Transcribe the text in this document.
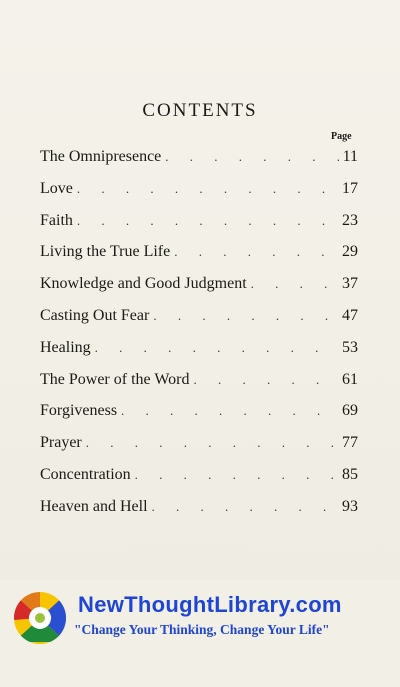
CONTENTS
Page
The Omnipresence . . .	11
Love . . .	17
Faith . . .	23
Living the True Life . . .	29
Knowledge and Good Judgment . . .	37
Casting Out Fear . . .	47
Healing . . .	53
The Power of the Word . . .	61
Forgiveness . . .	69
Prayer . . .	77
Concentration . . .	85
Heaven and Hell . . .	93
NewThoughtLibrary.com
"Change Your Thinking, Change Your Life"
